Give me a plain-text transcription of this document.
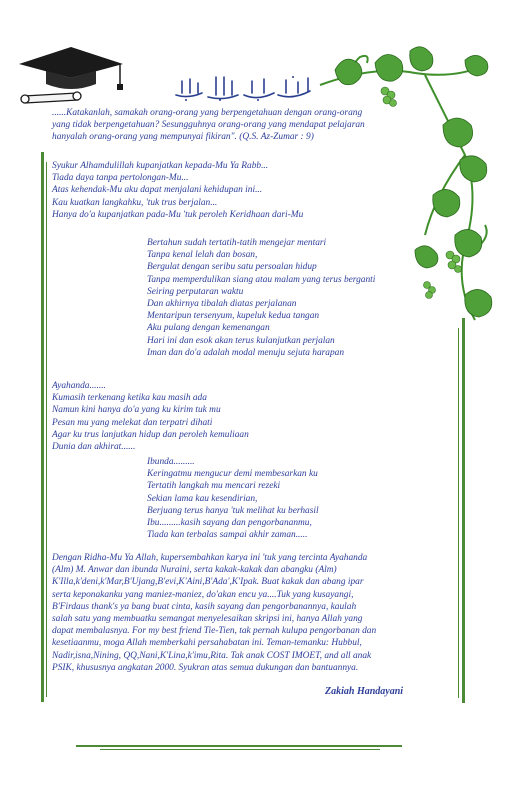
......Katakanlah, samakah orang-orang yang berpengetahuan dengan orang-orang
yang tidak berpengetahuan? Sesungguhnya orang-orang yang mendapat pelajaran
hanyalah orang-orang yang mempunyai fikiran". (Q.S. Az-Zumar : 9)
Syukur Alhamdulillah kupanjatkan kepada-Mu Ya Rabb...
Tiada daya tanpa pertolongan-Mu...
Atas kehendak-Mu aku dapat menjalani kehidupan ini...
Kau kuatkan langkahku, 'tuk trus berjalan...
Hanya do'a kupanjatkan pada-Mu 'tuk peroleh Keridhaan dari-Mu
Bertahun sudah tertatih-tatih mengejar mentari
Tanpa kenal lelah dan bosan,
Bergulat dengan seribu satu persoalan hidup
Tanpa memperdulikan siang atau malam yang terus berganti
Seiring perputaran waktu
Dan akhirnya tibalah diatas perjalanan
Mentaripun tersenyum, kupeluk kedua tangan
Aku pulang dengan kemenangan
Hari ini dan esok akan terus kulanjutkan perjalan
Iman dan do'a adalah modal menuju sejuta harapan
Ayahanda.......
Kumasih terkenang ketika kau masih ada
Namun kini hanya do'a yang ku kirim tuk mu
Pesan mu yang melekat dan terpatri dihati
Agar ku trus lanjutkan hidup dan peroleh kemuliaan
Dunia dan akhirat......
Ibunda.........
Keringatmu mengucur demi membesarkan ku
Tertatih langkah mu mencari rezeki
Sekian lama kau kesendirian,
Berjuang terus hanya 'tuk melihat ku berhasil
Ibu.........kasih sayang dan pengorbananmu,
Tiada kan terbalas sampai akhir zaman.....
Dengan Ridha-Mu Ya Allah, kupersembahkan karya ini 'tuk yang tercinta Ayahanda
(Alm) M. Anwar dan ibunda Nuraini, serta kakak-kakak dan abangku (Alm)
K'Illa,k'deni,k'Mar,B'Ujang,B'evi,K'Aini,B'Ada',K'Ipak. Buat kakak dan abang ipar
serta keponakanku yang maniez-maniez, do'akan encu ya....Tuk yang kusayangi,
B'Firdaus thank's ya bang buat cinta, kasih sayang dan pengorbanannya, kaulah
salah satu yang membuatku semangat menyelesaikan skripsi ini, hanya Allah yang
dapat membalasnya. For my best friend Tie-Tien, tak pernah kulupa pengorbanan dan
kesetiaanmu, moga Allah memberkahi persahabatan ini. Teman-temanku: Hubbul,
Nadir,isna,Nining, QQ,Nani,K'Lina,k'imu,Rita. Tak anak COST IMOET, and all anak
PSIK, khususnya angkatan 2000. Syukran atas semua dukungan dan bantuannya.
Zakiah Handayani
